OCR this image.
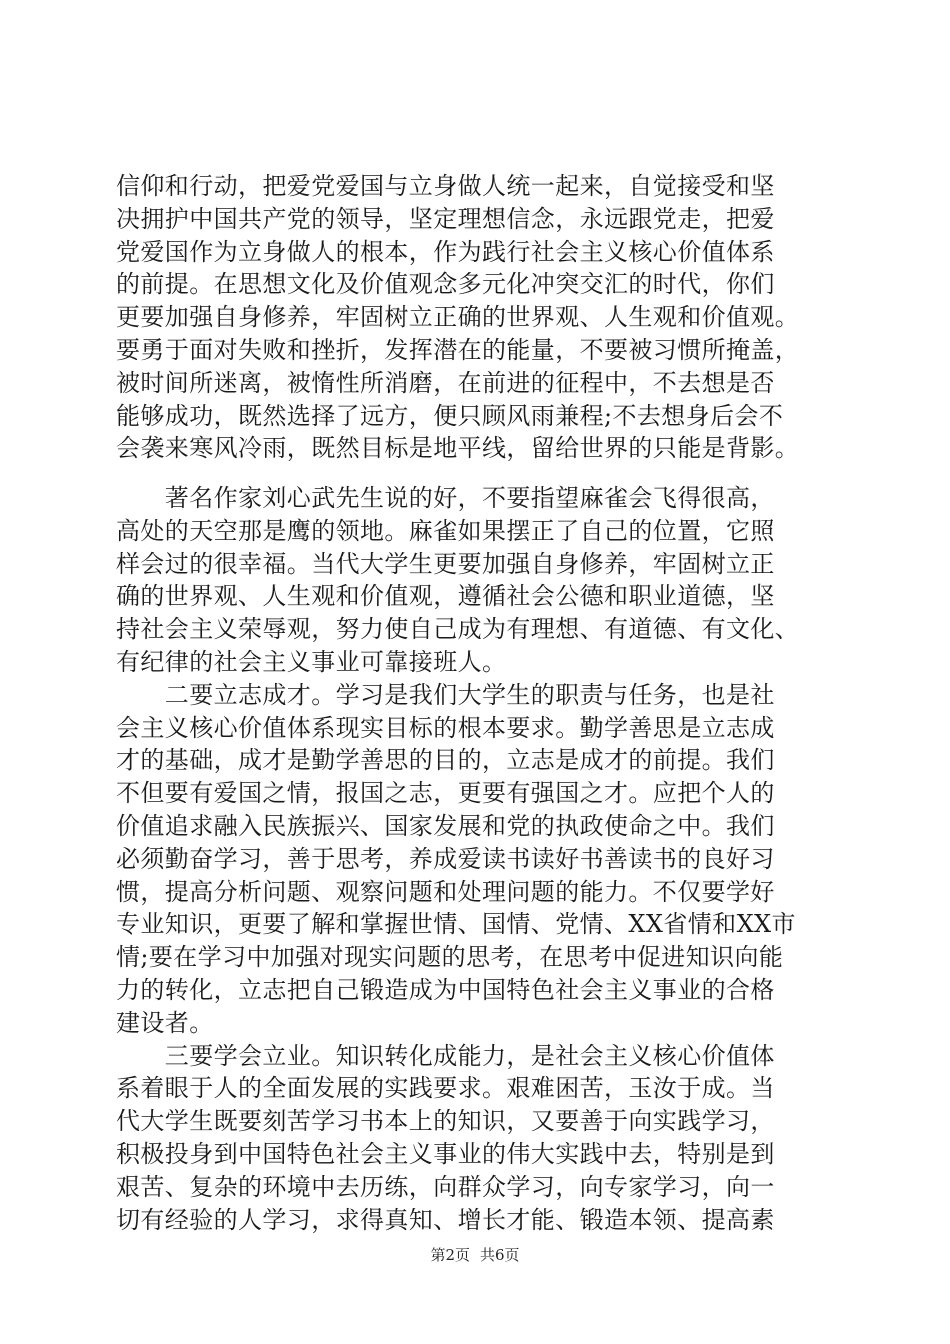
信仰和行动，把爱党爱国与立身做人统一起来，自觉接受和坚
决拥护中国共产党的领导，坚定理想信念，永远跟党走，把爱
党爱国作为立身做人的根本，作为践行社会主义核心价值体系
的前提。在思想文化及价值观念多元化冲突交汇的时代，你们
更要加强自身修养，牢固树立正确的世界观、人生观和价值观。
要勇于面对失败和挫折，发挥潜在的能量，不要被习惯所掩盖，
被时间所迷离，被惰性所消磨，在前进的征程中，不去想是否
能够成功，既然选择了远方，便只顾风雨兼程;不去想身后会不
会袭来寒风冷雨，既然目标是地平线，留给世界的只能是背影。
　　著名作家刘心武先生说的好，不要指望麻雀会飞得很高，
高处的天空那是鹰的领地。麻雀如果摆正了自己的位置，它照
样会过的很幸福。当代大学生更要加强自身修养，牢固树立正
确的世界观、人生观和价值观，遵循社会公德和职业道德，坚
持社会主义荣辱观，努力使自己成为有理想、有道德、有文化、
有纪律的社会主义事业可靠接班人。
　　二要立志成才。学习是我们大学生的职责与任务，也是社
会主义核心价值体系现实目标的根本要求。勤学善思是立志成
才的基础，成才是勤学善思的目的，立志是成才的前提。我们
不但要有爱国之情，报国之志，更要有强国之才。应把个人的
价值追求融入民族振兴、国家发展和党的执政使命之中。我们
必须勤奋学习，善于思考，养成爱读书读好书善读书的良好习
惯，提高分析问题、观察问题和处理问题的能力。不仅要学好
专业知识，更要了解和掌握世情、国情、党情、XX省情和XX市
情;要在学习中加强对现实问题的思考，在思考中促进知识向能
力的转化，立志把自己锻造成为中国特色社会主义事业的合格
建设者。
　　三要学会立业。知识转化成能力，是社会主义核心价值体
系着眼于人的全面发展的实践要求。艰难困苦，玉汝于成。当
代大学生既要刻苦学习书本上的知识，又要善于向实践学习，
积极投身到中国特色社会主义事业的伟大实践中去，特别是到
艰苦、复杂的环境中去历练，向群众学习，向专家学习，向一
切有经验的人学习，求得真知、增长才能、锻造本领、提高素
第2页 共6页
